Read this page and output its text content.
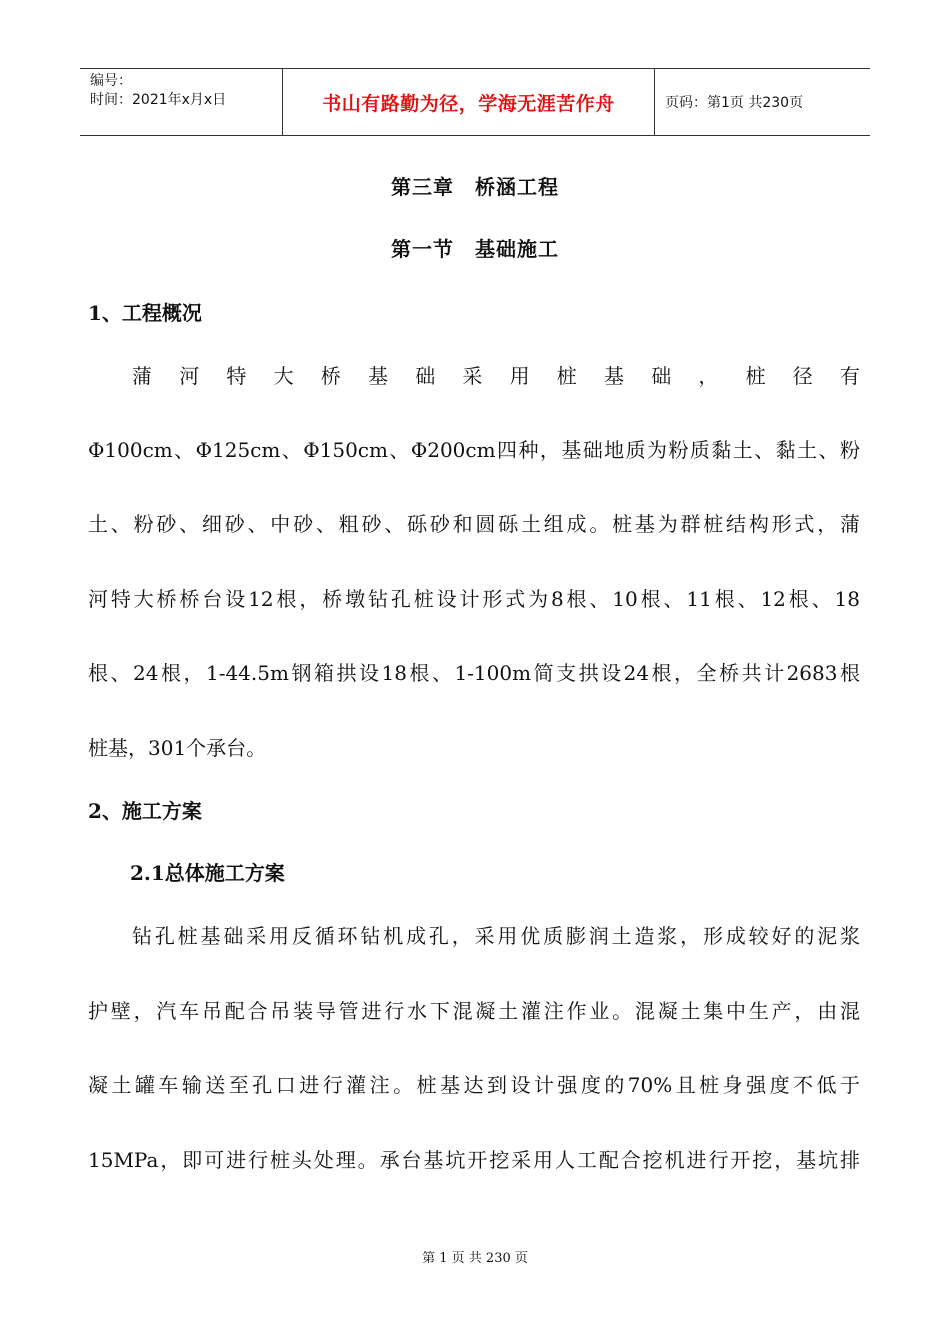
编号：
时间：2021年x月x日	书山有路勤为径，学海无涯苦作舟	页码：第1页 共230页
第三章　桥涵工程
第一节　基础施工
1、工程概况
蒲河特大桥基础采用桩基础，桩径有
Φ100cm、Φ125cm、Φ150cm、Φ200cm四种，基础地质为粉质黏土、黏土、粉
土、粉砂、细砂、中砂、粗砂、砾砂和圆砾土组成。桩基为群桩结构形式，蒲
河特大桥桥台设12根，桥墩钻孔桩设计形式为8根、10根、11根、12根、18
根、24根，1-44.5m钢箱拱设18根、1-100m简支拱设24根，全桥共计2683根
桩基，301个承台。
2、施工方案
2.1总体施工方案
钻孔桩基础采用反循环钻机成孔，采用优质膨润土造浆，形成较好的泥浆
护壁，汽车吊配合吊装导管进行水下混凝土灌注作业。混凝土集中生产，由混
凝土罐车输送至孔口进行灌注。桩基达到设计强度的70%且桩身强度不低于
15MPa，即可进行桩头处理。承台基坑开挖采用人工配合挖机进行开挖，基坑排
第 1 页 共 230 页
